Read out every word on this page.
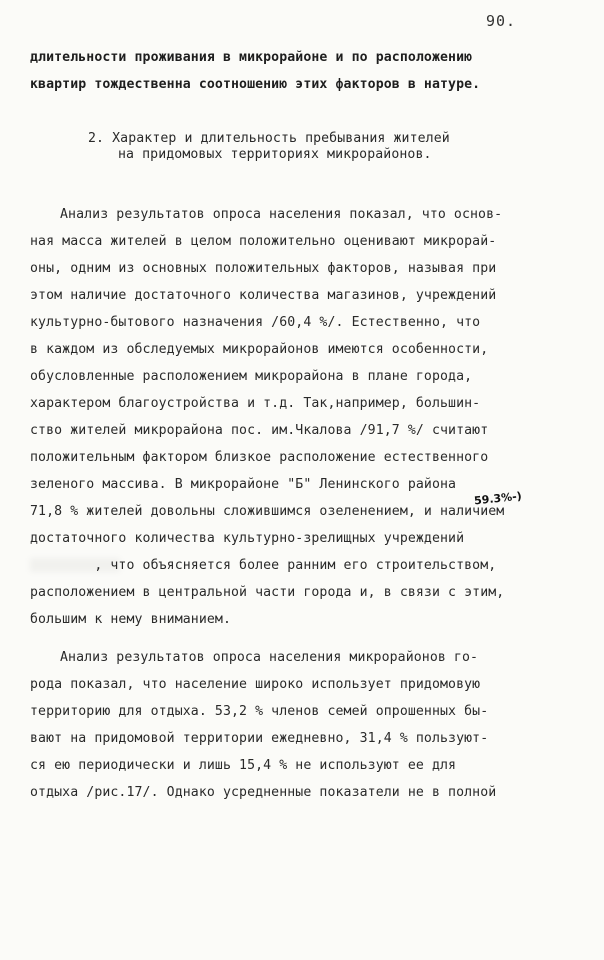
90.
длительности проживания в микрорайоне и по расположению
квартир тождественна соотношению этих факторов в натуре.
2. Характер и длительность пребывания жителей
на придомовых территориях микрорайонов.
Анализ результатов опроса населения показал, что основ-
ная масса жителей в целом положительно оценивают микрорай-
оны, одним из основных положительных факторов, называя при
этом наличие достаточного количества магазинов, учреждений
культурно-бытового назначения /60,4 %/. Естественно, что
в каждом из обследуемых микрорайонов имеются особенности,
обусловленные расположением микрорайона в плане города,
характером благоустройства и т.д. Так,например, большин-
ство жителей микрорайона пос. им.Чкалова /91,7 %/ считают
положительным фактором близкое расположение естественного
зеленого массива. В микрорайоне "Б" Ленинского района
71,8 % жителей довольны сложившимся озеленением, и наличием
достаточного количества культурно-зрелищных учреждений
, что объясняется более ранним его строительством,
расположением в центральной части города и, в связи с этим,
большим к нему вниманием.
59.3%-)
Анализ результатов опроса населения микрорайонов го-
рода показал, что население широко использует придомовую
территорию для отдыха. 53,2 % членов семей опрошенных бы-
вают на придомовой территории ежедневно, 31,4 % пользуют-
ся ею периодически и лишь 15,4 % не используют ее для
отдыха /рис.17/. Однако усредненные показатели не в полной
